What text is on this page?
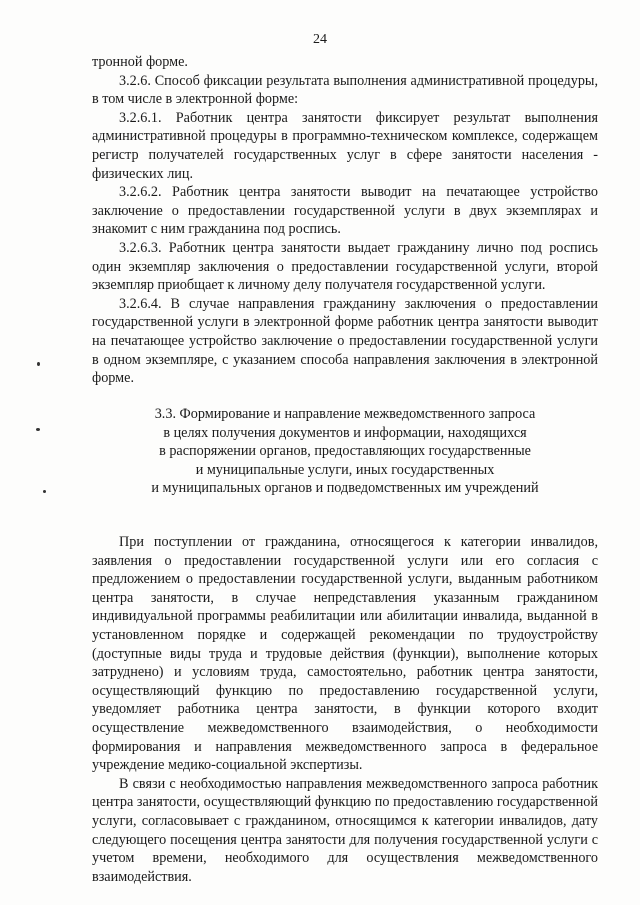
24

тронной форме.

3.2.6. Способ фиксации результата выполнения административной процедуры, в том числе в электронной форме:

3.2.6.1. Работник центра занятости фиксирует результат выполнения административной процедуры в программно-техническом комплексе, содержащем регистр получателей государственных услуг в сфере занятости населения - физических лиц.

3.2.6.2. Работник центра занятости выводит на печатающее устройство заключение о предоставлении государственной услуги в двух экземплярах и знакомит с ним гражданина под роспись.

3.2.6.3. Работник центра занятости выдает гражданину лично под роспись один экземпляр заключения о предоставлении государственной услуги, второй экземпляр приобщает к личному делу получателя государственной услуги.

3.2.6.4. В случае направления гражданину заключения о предоставлении государственной услуги в электронной форме работник центра занятости выводит на печатающее устройство заключение о предоставлении государственной услуги в одном экземпляре, с указанием способа направления заключения в электронной форме.

3.3. Формирование и направление межведомственного запроса
в целях получения документов и информации, находящихся
в распоряжении органов, предоставляющих государственные
и муниципальные услуги, иных государственных
и муниципальных органов и подведомственных им учреждений

При поступлении от гражданина, относящегося к категории инвалидов, заявления о предоставлении государственной услуги или его согласия с предложением о предоставлении государственной услуги, выданным работником центра занятости, в случае непредставления указанным гражданином индивидуальной программы реабилитации или абилитации инвалида, выданной в установленном порядке и содержащей рекомендации по трудоустройству (доступные виды труда и трудовые действия (функции), выполнение которых затруднено) и условиям труда, самостоятельно, работник центра занятости, осуществляющий функцию по предоставлению государственной услуги, уведомляет работника центра занятости, в функции которого входит осуществление межведомственного взаимодействия, о необходимости формирования и направления межведомственного запроса в федеральное учреждение медико-социальной экспертизы.

В связи с необходимостью направления межведомственного запроса работник центра занятости, осуществляющий функцию по предоставлению государственной услуги, согласовывает с гражданином, относящимся к категории инвалидов, дату следующего посещения центра занятости для получения государственной услуги с учетом времени, необходимого для осуществления межведомственного взаимодействия.
